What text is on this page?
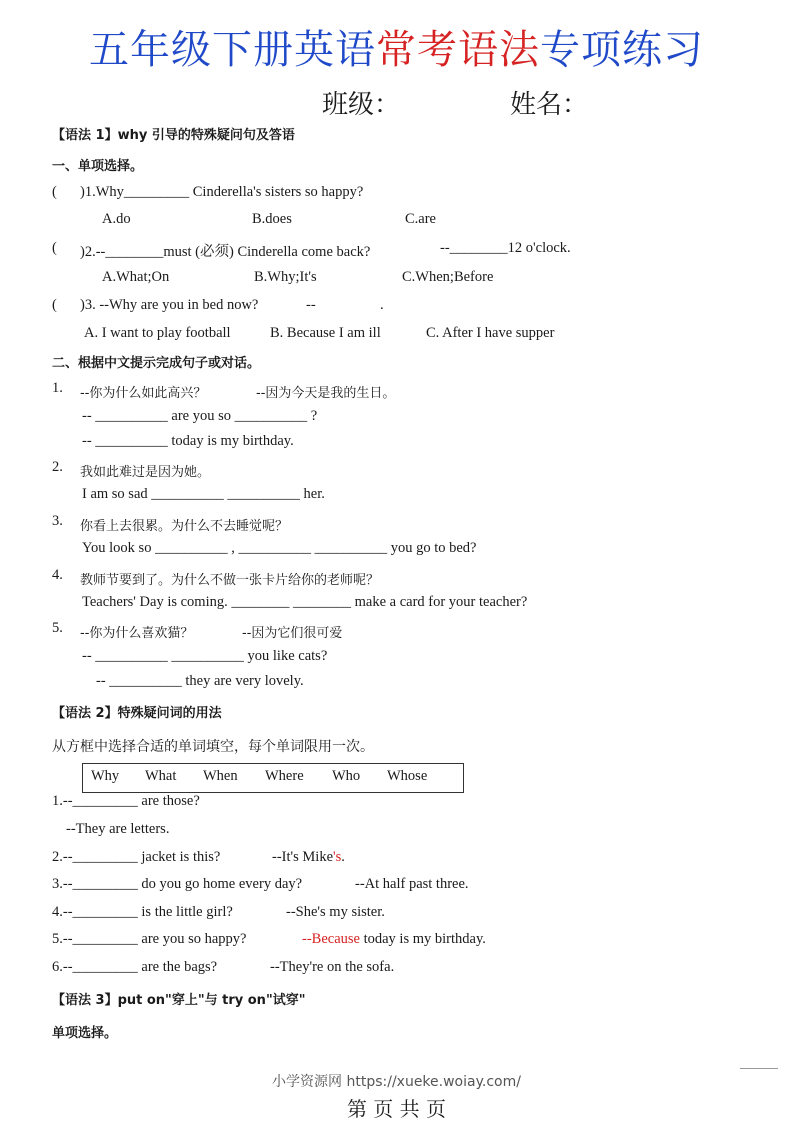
五年级下册英语常考语法专项练习
班级：	姓名：
【语法 1】why 引导的特殊疑问句及答语
一、单项选择。
( )1.Why_________ Cinderella's sisters so happy?
A.do	B.does	C.are
( )2.--________must (必须) Cinderella come back?	--________12 o'clock.
A.What;On	B.Why;It's	C.When;Before
( )3. --Why are you in bed now?	--	.
A. I want to play football	B. Because I am ill	C. After I have supper
二、根据中文提示完成句子或对话。
1. --你为什么如此高兴？	--因为今天是我的生日。
-- __________ are you so __________ ?
-- __________ today is my birthday.
2. 我如此难过是因为她。
I am so sad __________ __________ her.
3. 你看上去很累。为什么不去睡觉呢？
You look so __________ , __________ __________ you go to bed?
4. 教师节要到了。为什么不做一张卡片给你的老师呢？
Teachers' Day is coming. ________ ________ make a card for your teacher?
5. --你为什么喜欢猫？	--因为它们很可爱
-- __________ __________ you like cats?
-- __________ they are very lovely.
【语法 2】特殊疑问词的用法
从方框中选择合适的单词填空，每个单词限用一次。
Why What When Where Who Whose
1.--_________ are those?
--They are letters.
2.--_________ jacket is this?	--It's Mike's.
3.--_________ do you go home every day?	--At half past three.
4.--_________ is the little girl?	--She's my sister.
5.--_________ are you so happy?	--Because today is my birthday.
6.--_________ are the bags?	--They're on the sofa.
【语法 3】put on"穿上"与 try on"试穿"
单项选择。
小学资源网 https://xueke.woiay.com/
第 页 共 页
